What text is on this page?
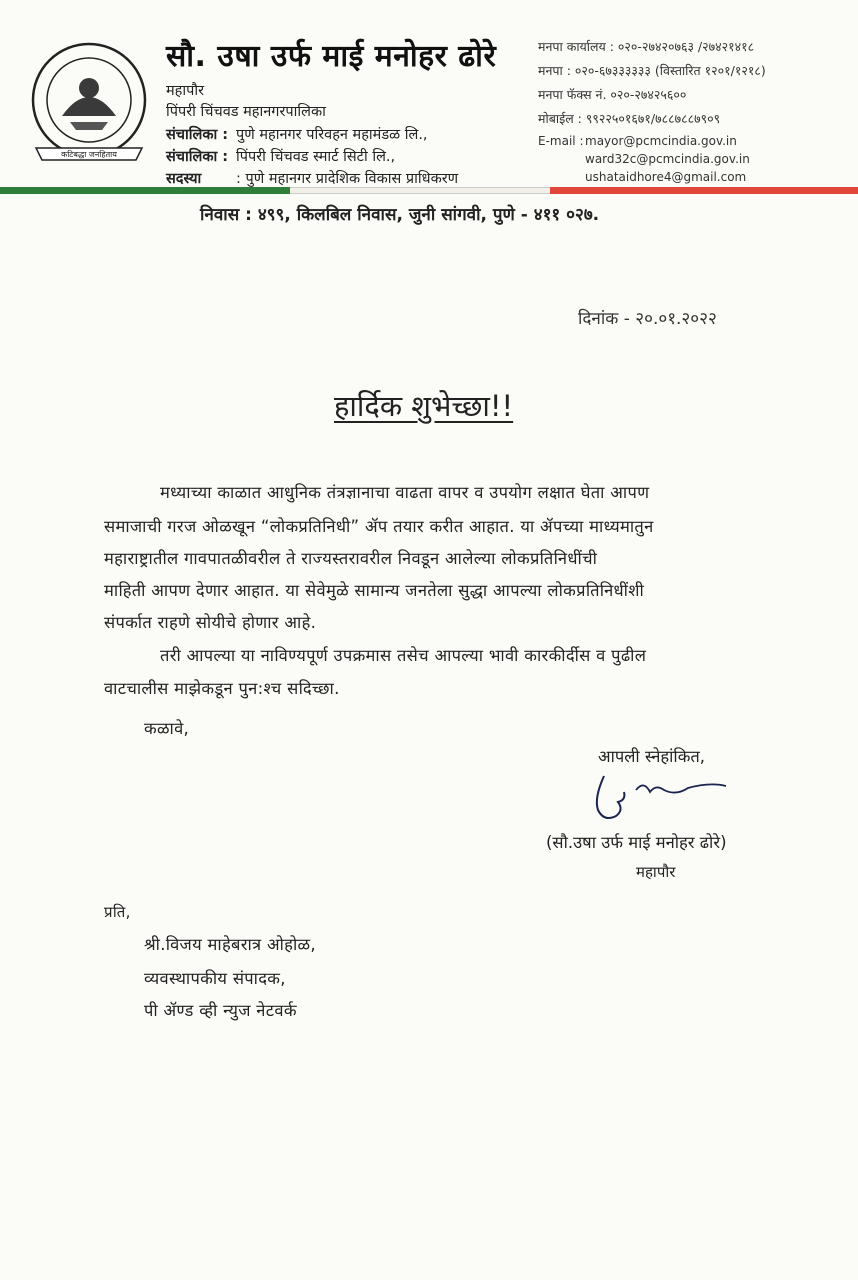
कटिबद्धा जनहिताय
सौ. उषा उर्फ माई मनोहर ढोरे
महापौर
पिंपरी चिंचवड महानगरपालिका
संचालिका : पुणे महानगर परिवहन महामंडळ लि.,
संचालिका : पिंपरी चिंचवड स्मार्ट सिटी लि.,
सदस्या : पुणे महानगर प्रादेशिक विकास प्राधिकरण
मनपा कार्यालय : ०२०-२७४२०७६३ /२७४२१४१८
मनपा : ०२०-६७३३३३३३ (विस्तारित १२०१/१२१८)
मनपा फॅक्स नं. ०२०-२७४२५६००
मोबाईल : ९९२२५०१६७१/७८८७८८७९०९
E-mail : mayor@pcmcindia.gov.in
ward32c@pcmcindia.gov.in
ushataidhore4@gmail.com
निवास : ४९९, किलबिल निवास, जुनी सांगवी, पुणे - ४११ ०२७.
दिनांक - २०.०१.२०२२
हार्दिक शुभेच्छा!!
मध्याच्या काळात आधुनिक तंत्रज्ञानाचा वाढता वापर व उपयोग लक्षात घेता आपण
समाजाची गरज ओळखून “लोकप्रतिनिधी” ॲप तयार करीत आहात. या ॲपच्या माध्यमातुन
महाराष्ट्रातील गावपातळीवरील ते राज्यस्तरावरील निवडून आलेल्या लोकप्रतिनिधींची
माहिती आपण देणार आहात. या सेवेमुळे सामान्य जनतेला सुद्धा आपल्या लोकप्रतिनिधींशी
संपर्कात राहणे सोयीचे होणार आहे.
तरी आपल्या या नाविण्यपूर्ण उपक्रमास तसेच आपल्या भावी कारकीर्दीस व पुढील
वाटचालीस माझेकडून पुन:श्च सदिच्छा.
कळावे,
आपली स्नेहांकित,
(सौ.उषा उर्फ माई मनोहर ढोरे)
महापौर
प्रति,
श्री.विजय माहेबरात्र ओहोळ,
व्यवस्थापकीय संपादक,
पी ॲण्ड व्ही न्युज नेटवर्क
